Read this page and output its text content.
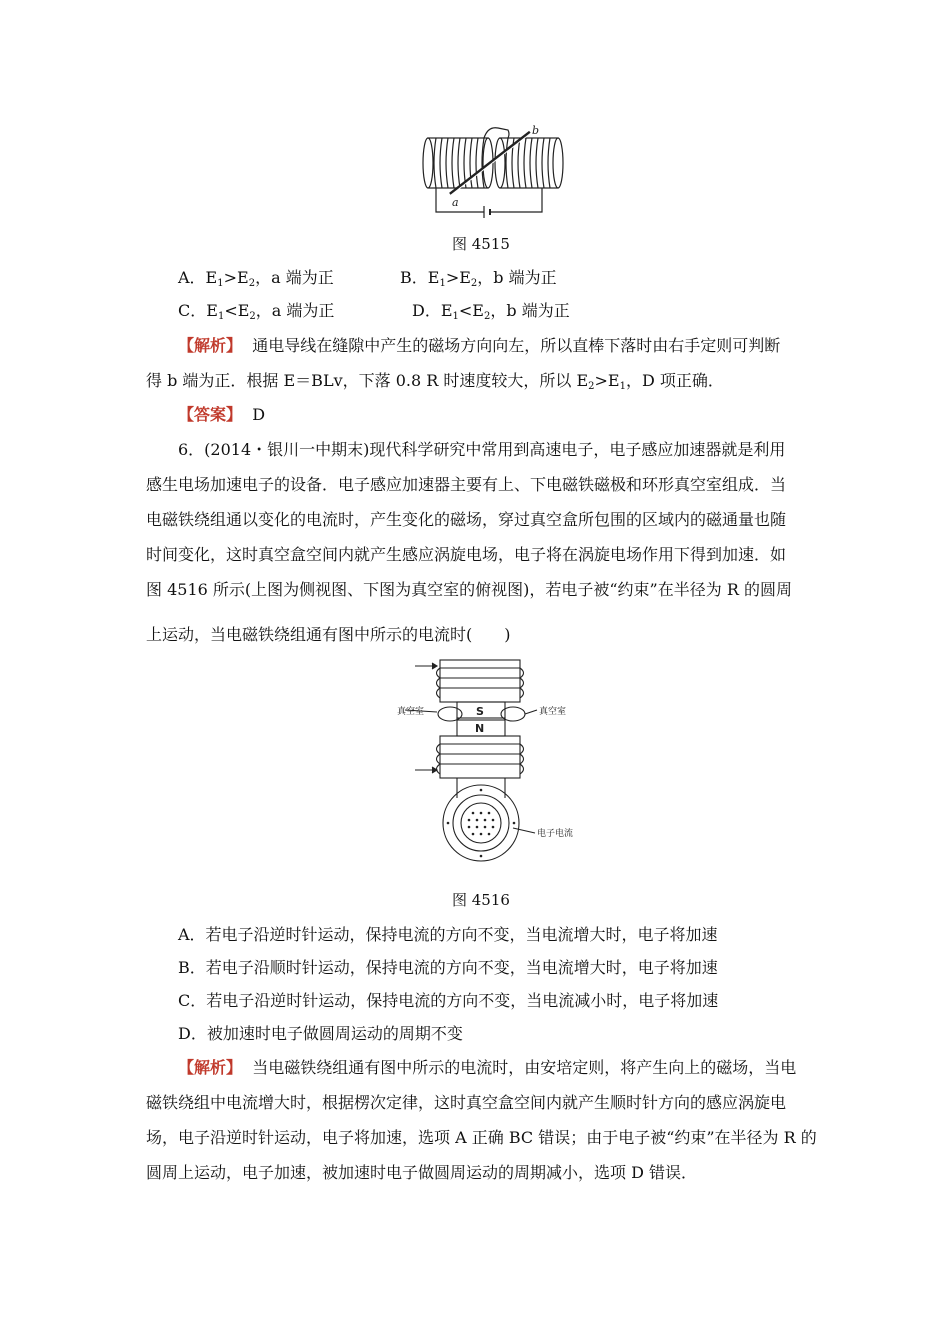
b
a
图 4515
A．$E_1>E_2$，a 端为正	B．$E_1>E_2$，b 端为正
C．$E_1<E_2$，a 端为正	D．$E_1<E_2$，b 端为正
【解析】 通电导线在缝隙中产生的磁场方向向左，所以直棒下落时由右手定则可判断
得 b 端为正．根据 E＝BLv，下落 0.8 R 时速度较大，所以 $E_2>E_1$，D 项正确．
【答案】 D
6．(2014・银川一中期末)现代科学研究中常用到高速电子，电子感应加速器就是利用
感生电场加速电子的设备．电子感应加速器主要有上、下电磁铁磁极和环形真空室组成．当
电磁铁绕组通以变化的电流时，产生变化的磁场，穿过真空盒所包围的区域内的磁通量也随
时间变化，这时真空盒空间内就产生感应涡旋电场，电子将在涡旋电场作用下得到加速．如
图 4516 所示(上图为侧视图、下图为真空室的俯视图)，若电子被“约束”在半径为 R 的圆周
上运动，当电磁铁绕组通有图中所示的电流时(　　)
S
N
真空室	真空室
电子电流
图 4516
A．若电子沿逆时针运动，保持电流的方向不变，当电流增大时，电子将加速
B．若电子沿顺时针运动，保持电流的方向不变，当电流增大时，电子将加速
C．若电子沿逆时针运动，保持电流的方向不变，当电流减小时，电子将加速
D．被加速时电子做圆周运动的周期不变
【解析】 当电磁铁绕组通有图中所示的电流时，由安培定则，将产生向上的磁场，当电
磁铁绕组中电流增大时，根据楞次定律，这时真空盒空间内就产生顺时针方向的感应涡旋电
场，电子沿逆时针运动，电子将加速，选项 A 正确 BC 错误；由于电子被“约束”在半径为 R 的
圆周上运动，电子加速，被加速时电子做圆周运动的周期减小，选项 D 错误．
